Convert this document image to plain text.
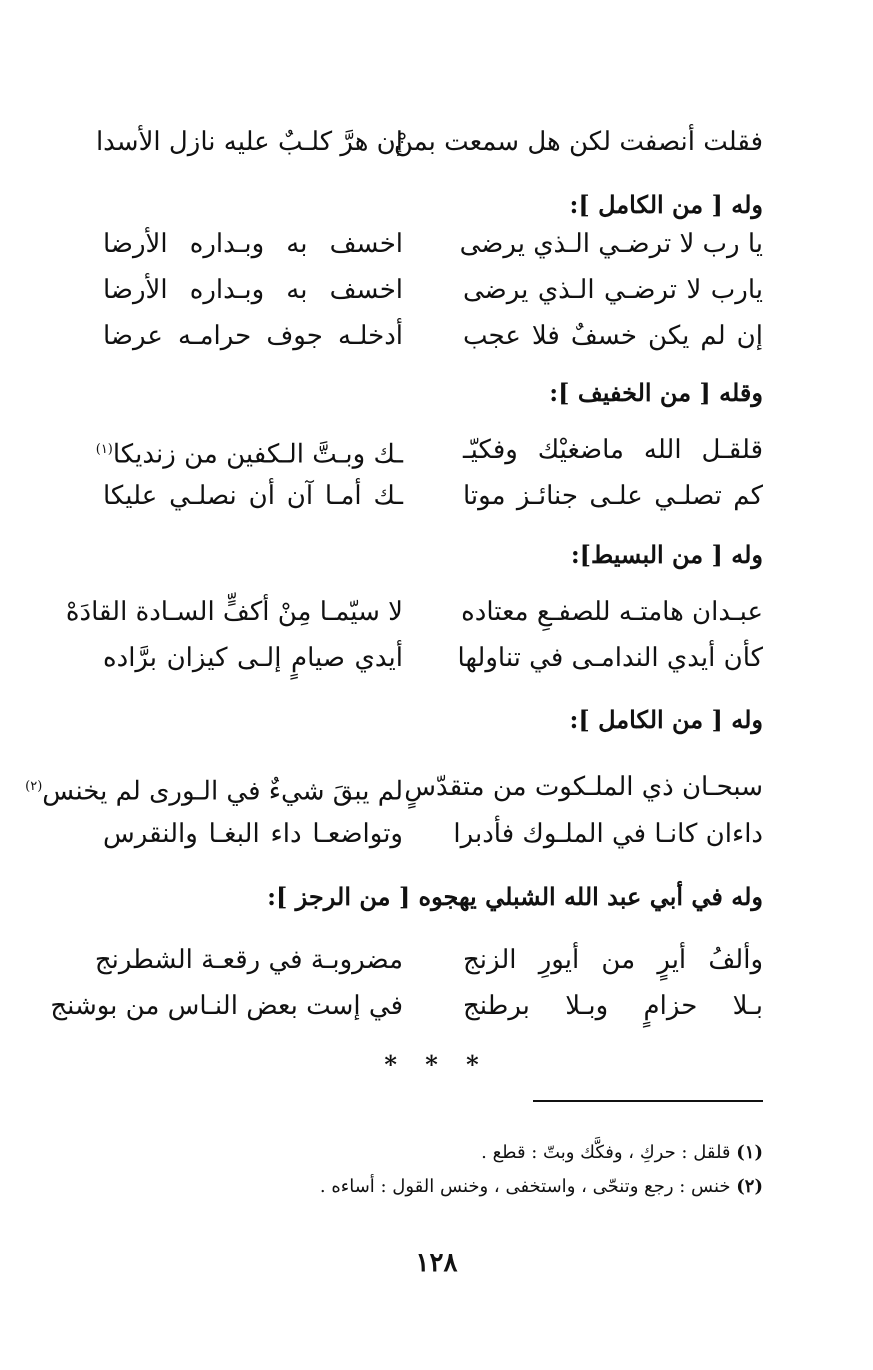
فقلت أنصفت لكن هل سمعت بمنْ
إن هرَّ كلـبٌ عليه نازل الأسدا
وله [ من الكامل ]:
يا رب لا ترضـي الـذي يرضى
اخسف به وبـداره الأرضا
يارب لا ترضـي الـذي يرضى
اخسف به وبـداره الأرضا
إن لم يكن خسفٌ فلا عجب
أدخلـه جوف حرامـه عرضا
وقله [ من الخفيف ]:
قلقـل الله ماضغيْك وفكيّـ
ـك وبـتَّ الـكفين من زنديكا$^{(١)}$
كم تصلـي علـى جنائـز موتا
ـك أمـا آن أن نصلـي عليكا
وله [ من البسيط]:
عبـدان هامتـه للصفـعِ معتاده
لا سيّمـا مِنْ أكفٍّ السـادة القادَهْ
كأن أيدي الندامـى في تناولها
أيدي صيامٍ إلـى كيزان برَّاده
وله [ من الكامل ]:
سبحـان ذي الملـكوت من متقدّسٍ
لم يبقَ شيءٌ في الـورى لم يخنس$^{(٢)}$
داءان كانـا في الملـوك فأدبرا
وتواضعـا داء البغـا والنقرس
وله في أبي عبد الله الشبلي يهجوه [ من الرجز ]:
وألفُ أيرٍ من أيورِ الزنج
مضروبـة في رقعـة الشطرنج
بـلا حزامٍ وبـلا برطنج
في إست بعض النـاس من بوشنج
* * *
(١) قلقل : حركِ ، وفكَّك وبتّ : قطع .
(٢) خنس : رجع وتنحّى ، واستخفى ، وخنس القول : أساءه .
١٢٨
